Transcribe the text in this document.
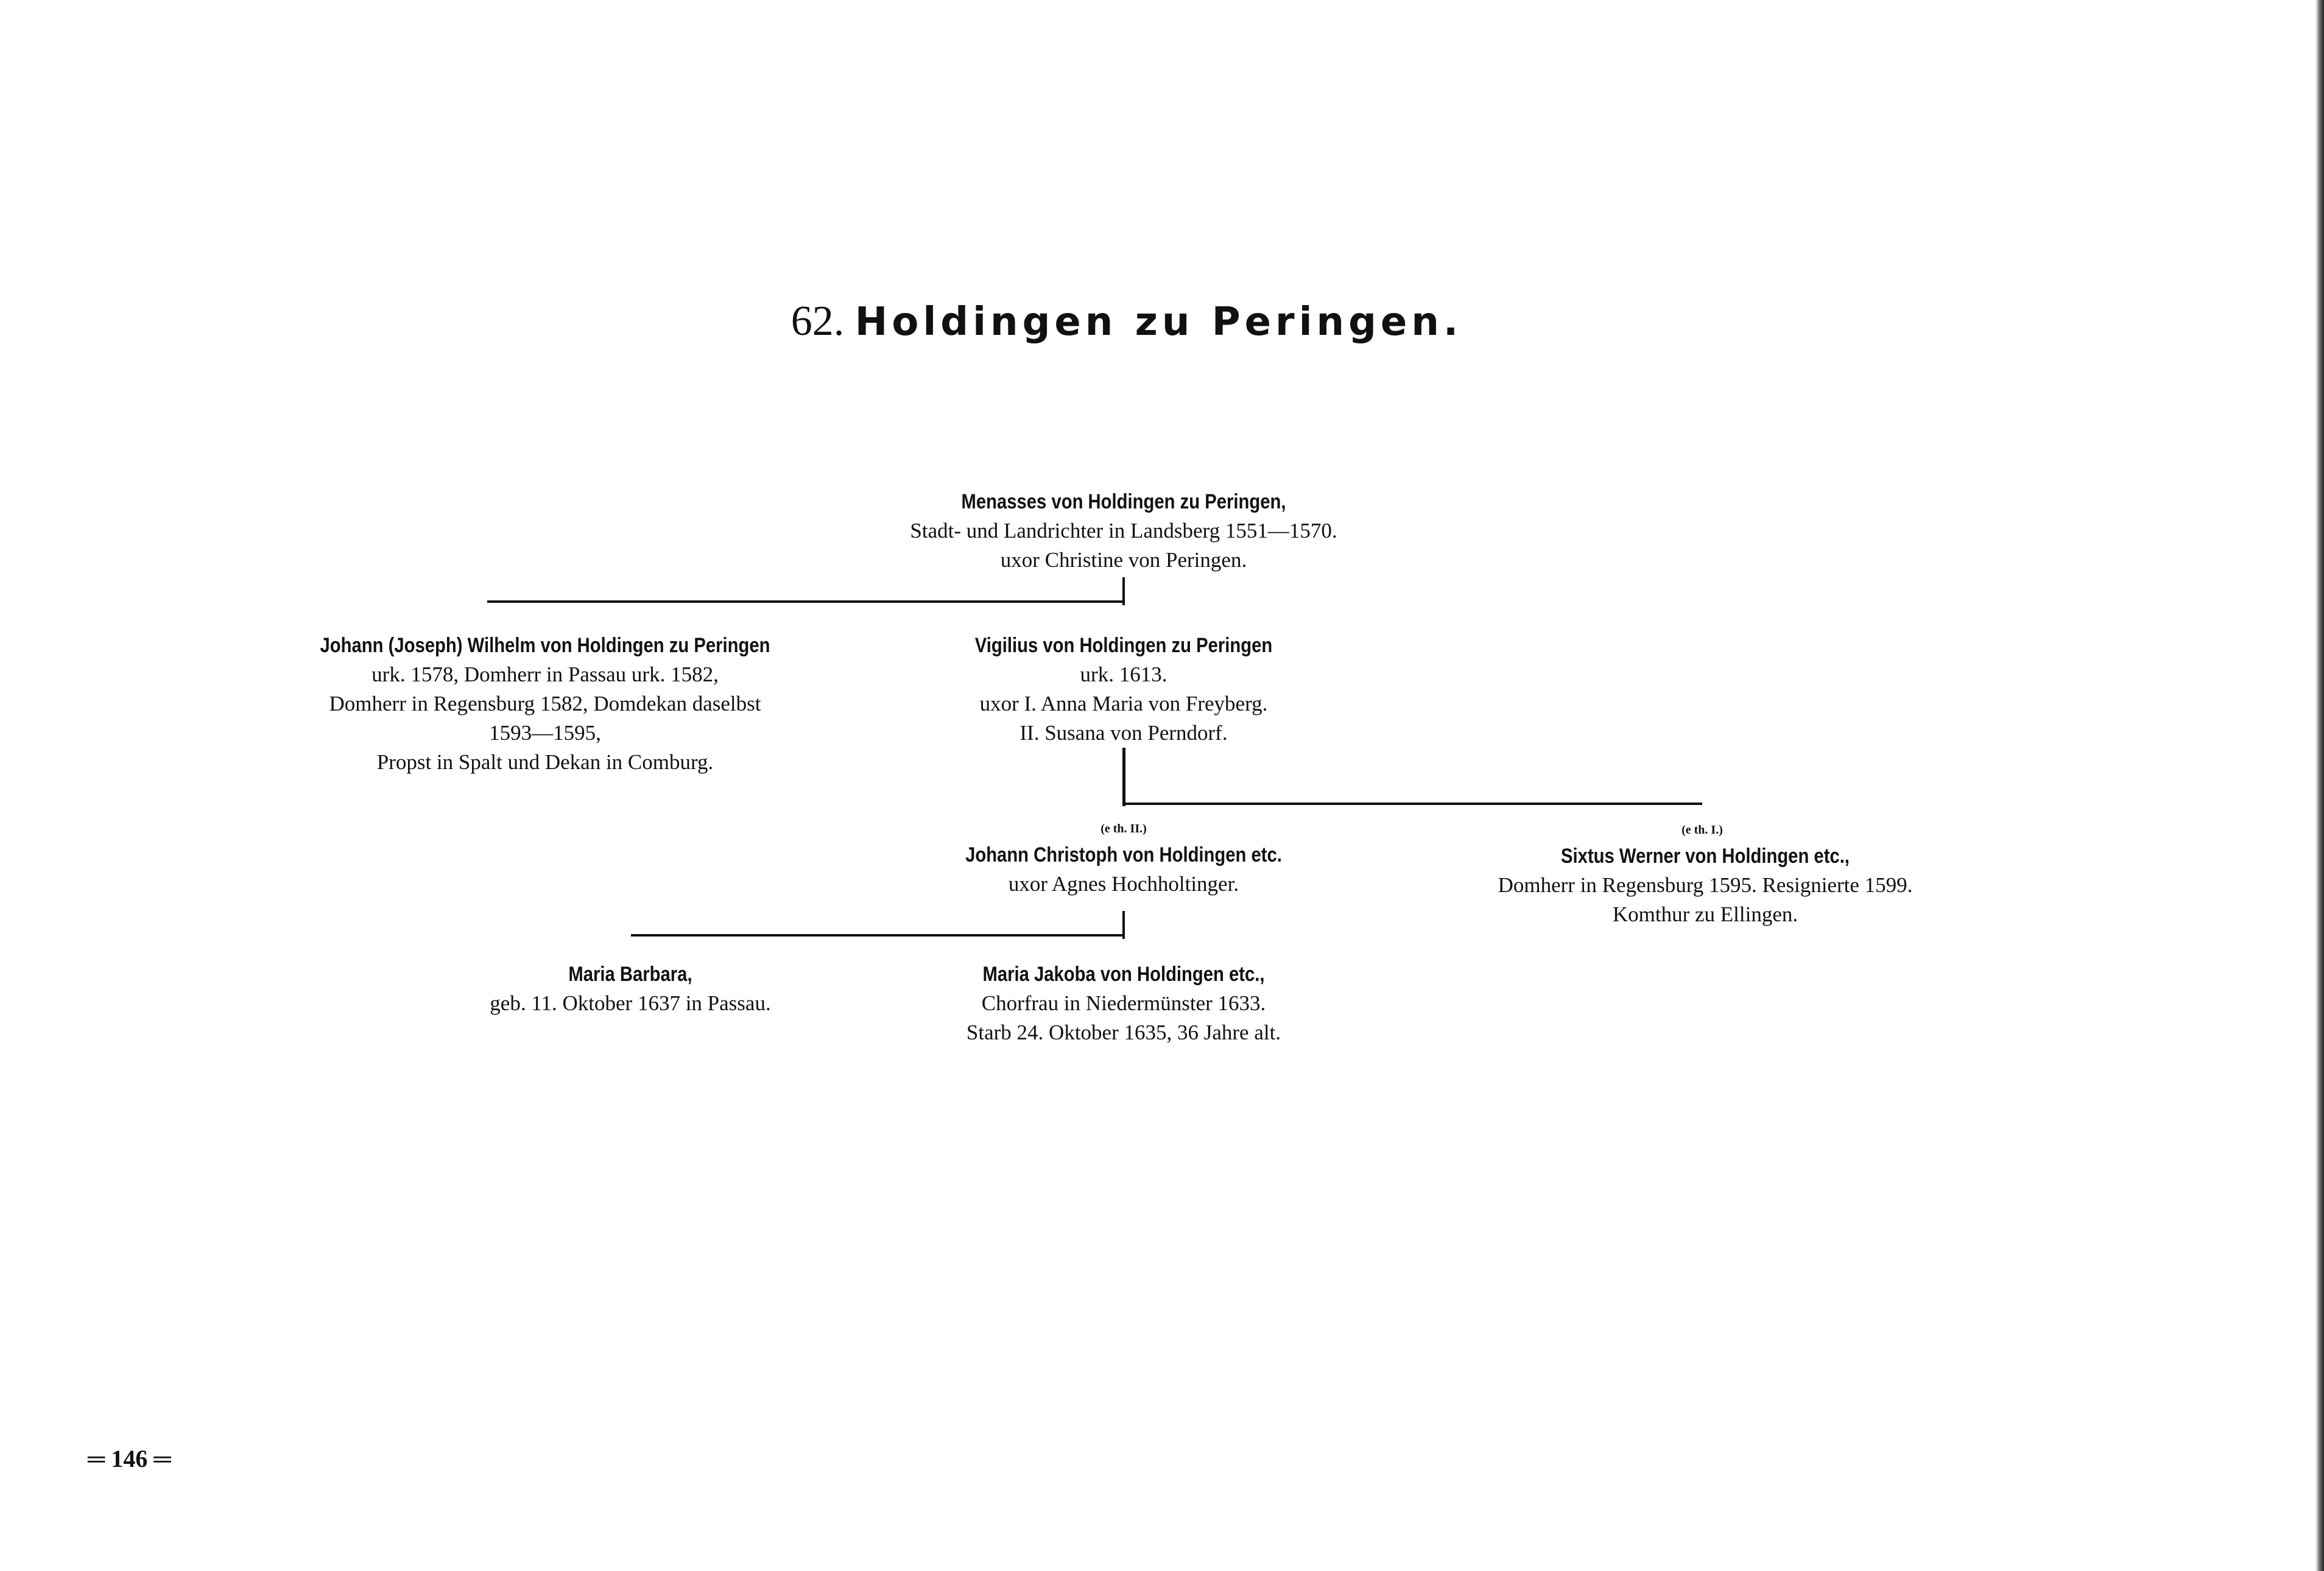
62. Holdingen zu Peringen.
Menasses von Holdingen zu Peringen,
Stadt- und Landrichter in Landsberg 1551—1570.
uxor Christine von Peringen.
Johann (Joseph) Wilhelm von Holdingen zu Peringen
urk. 1578, Domherr in Passau urk. 1582,
Domherr in Regensburg 1582, Domdekan daselbst
1593—1595,
Propst in Spalt und Dekan in Comburg.
Vigilius von Holdingen zu Peringen
urk. 1613.
uxor I. Anna Maria von Freyberg.
II. Susana von Perndorf.
(e th. II.)
Johann Christoph von Holdingen etc.
uxor Agnes Hochholtinger.
(e th. I.)
Sixtus Werner von Holdingen etc.,
Domherr in Regensburg 1595. Resignierte 1599.
Komthur zu Ellingen.
Maria Barbara,
geb. 11. Oktober 1637 in Passau.
Maria Jakoba von Holdingen etc.,
Chorfrau in Niedermünster 1633.
Starb 24. Oktober 1635, 36 Jahre alt.
═ 146 ═
